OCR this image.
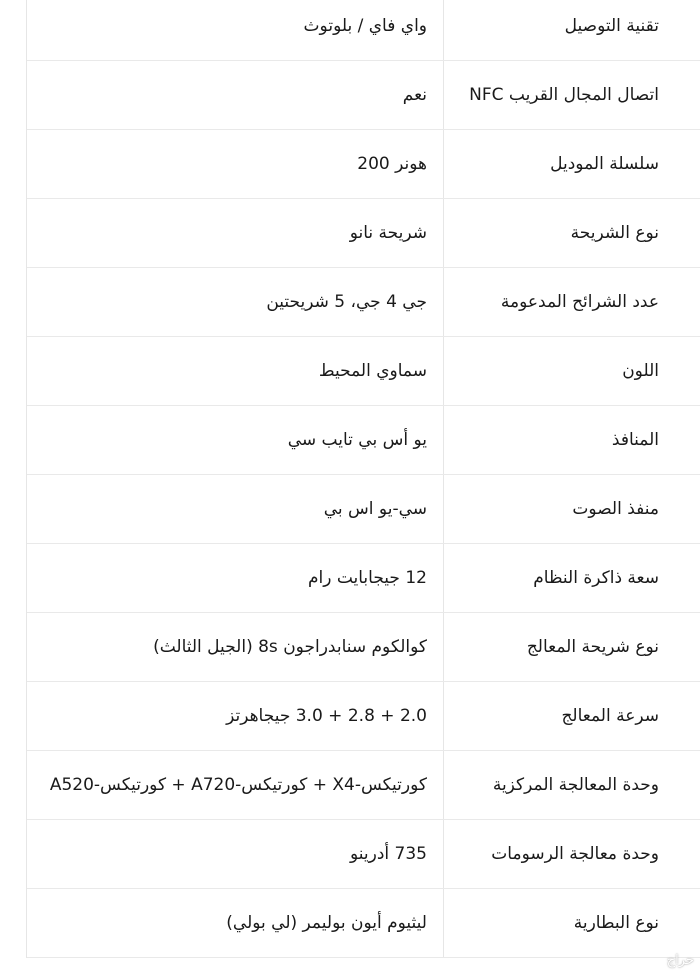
تقنية التوصيل
واي فاي / بلوتوث
اتصال المجال القريب NFC
نعم
سلسلة الموديل
هونر 200
نوع الشريحة
شريحة نانو
عدد الشرائح المدعومة
جي 4 جي، 5 شريحتين
اللون
سماوي المحيط
المنافذ
يو أس بي تايب سي
منفذ الصوت
سي-يو اس بي
سعة ذاكرة النظام
12 جيجابايت رام
نوع شريحة المعالج
كوالكوم سنابدراجون 8s (الجيل الثالث)
سرعة المعالج
2.0 + 2.8 + 3.0 جيجاهرتز
وحدة المعالجة المركزية
كورتيكس-X4 + كورتيكس-A720 + كورتيكس-A520
وحدة معالجة الرسومات
735 أدرينو
نوع البطارية
ليثيوم أيون بوليمر (لي بولي)
حراج
